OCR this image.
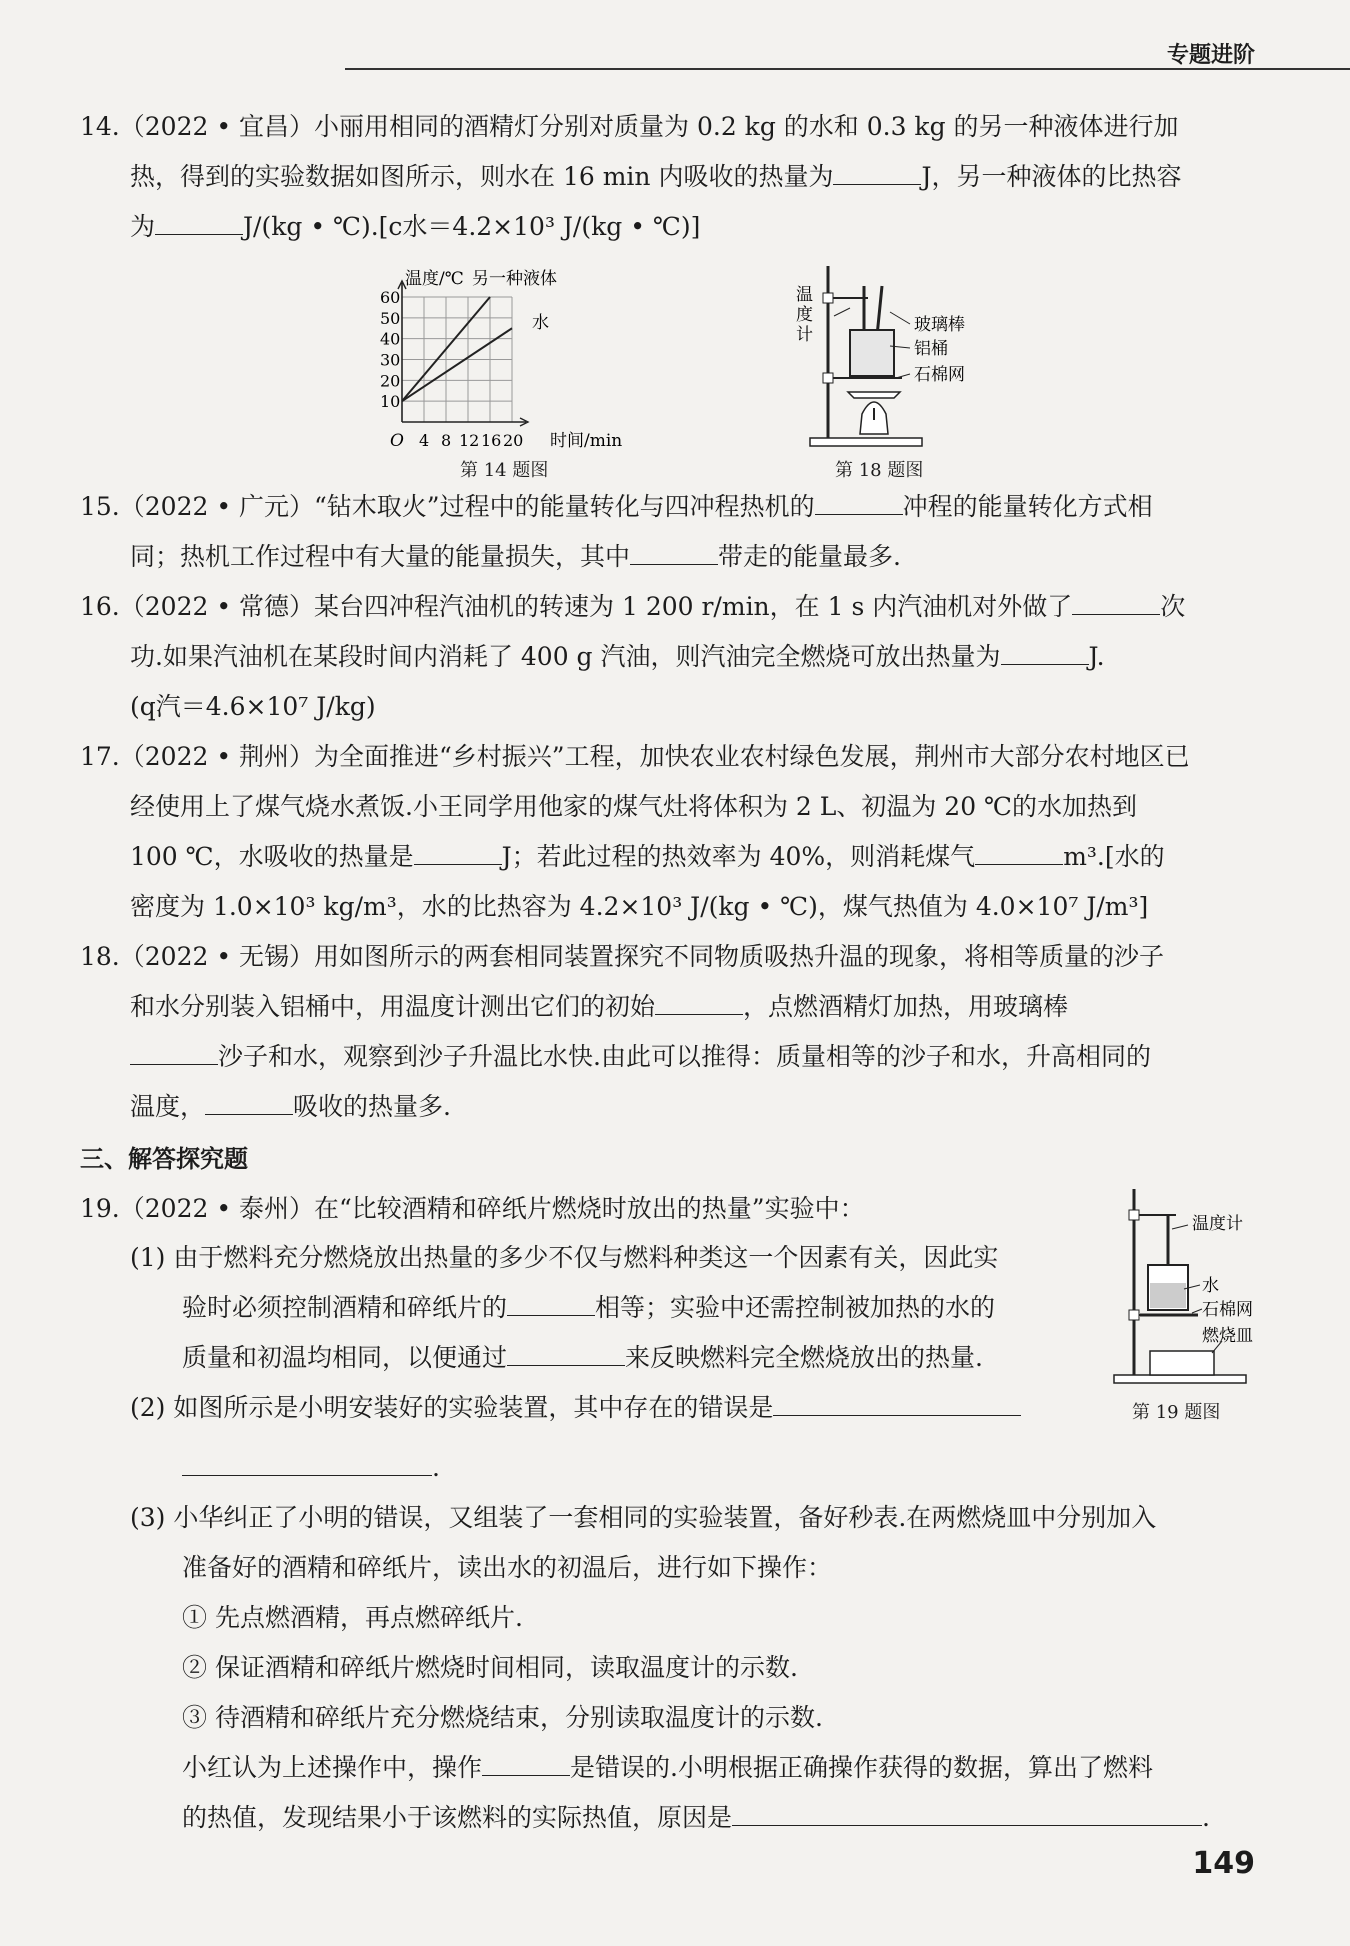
专题进阶
14.（2022 • 宜昌）小丽用相同的酒精灯分别对质量为 0.2 kg 的水和 0.3 kg 的另一种液体进行加
热，得到的实验数据如图所示，则水在 16 min 内吸收的热量为	J，另一种液体的比热容
为	J/(kg • ℃).[c水＝4.2×10³ J/(kg • ℃)]
10
20
30
40
50
60
4 8 12 16 20
温度/℃ 另一种液体
水
时间/min
O
第 14 题图
温
度
计	玻璃棒
铝桶
石棉网
第 18 题图
15.（2022 • 广元）“钻木取火”过程中的能量转化与四冲程热机的	冲程的能量转化方式相
同；热机工作过程中有大量的能量损失，其中	带走的能量最多.
16.（2022 • 常德）某台四冲程汽油机的转速为 1 200 r/min，在 1 s 内汽油机对外做了	次
功.如果汽油机在某段时间内消耗了 400 g 汽油，则汽油完全燃烧可放出热量为	J.
(q汽＝4.6×10⁷ J/kg)
17.（2022 • 荆州）为全面推进“乡村振兴”工程，加快农业农村绿色发展，荆州市大部分农村地区已
经使用上了煤气烧水煮饭.小王同学用他家的煤气灶将体积为 2 L、初温为 20 ℃的水加热到
100 ℃，水吸收的热量是	J；若此过程的热效率为 40%，则消耗煤气	m³.[水的
密度为 1.0×10³ kg/m³，水的比热容为 4.2×10³ J/(kg • ℃)，煤气热值为 4.0×10⁷ J/m³]
18.（2022 • 无锡）用如图所示的两套相同装置探究不同物质吸热升温的现象，将相等质量的沙子
和水分别装入铝桶中，用温度计测出它们的初始	，点燃酒精灯加热，用玻璃棒
沙子和水，观察到沙子升温比水快.由此可以推得：质量相等的沙子和水，升高相同的
温度，	吸收的热量多.
三、解答探究题
19.（2022 • 泰州）在“比较酒精和碎纸片燃烧时放出的热量”实验中：
(1) 由于燃料充分燃烧放出热量的多少不仅与燃料种类这一个因素有关，因此实
验时必须控制酒精和碎纸片的	相等；实验中还需控制被加热的水的
质量和初温均相同，以便通过	来反映燃料完全燃烧放出的热量.
(2) 如图所示是小明安装好的实验装置，其中存在的错误是
.
(3) 小华纠正了小明的错误，又组装了一套相同的实验装置，备好秒表.在两燃烧皿中分别加入
准备好的酒精和碎纸片，读出水的初温后，进行如下操作：
① 先点燃酒精，再点燃碎纸片.
② 保证酒精和碎纸片燃烧时间相同，读取温度计的示数.
③ 待酒精和碎纸片充分燃烧结束，分别读取温度计的示数.
小红认为上述操作中，操作	是错误的.小明根据正确操作获得的数据，算出了燃料
的热值，发现结果小于该燃料的实际热值，原因是	.
温度计
水
石棉网
燃烧皿
第 19 题图
149
